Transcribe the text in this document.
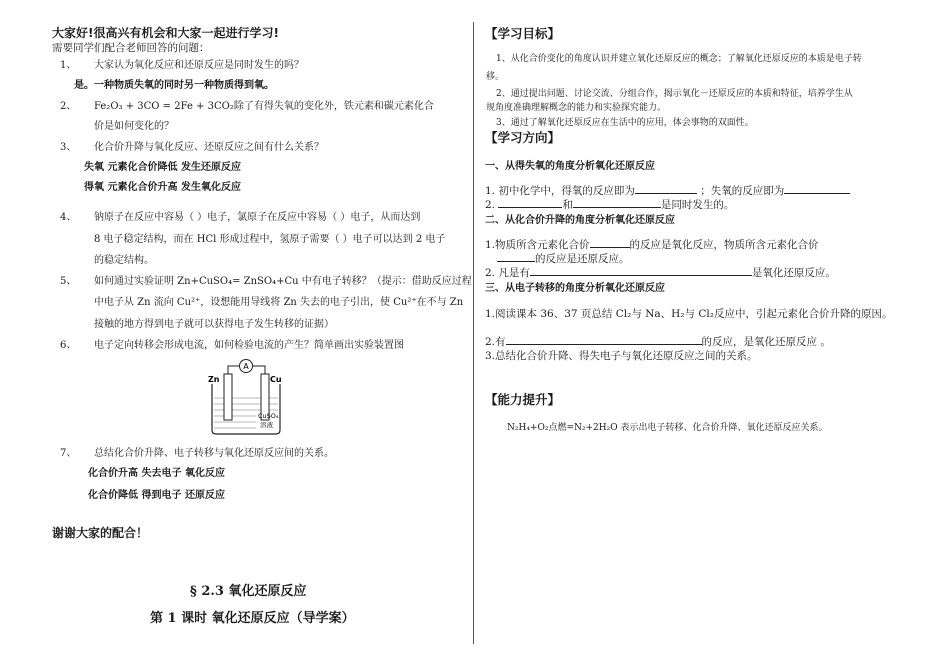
大家好!很高兴有机会和大家一起进行学习!
需要同学们配合老师回答的问题：
1、 大家认为氧化反应和还原反应是同时发生的吗？
是。一种物质失氧的同时另一种物质得到氧。
2、 Fe₂O₃ + 3CO = 2Fe + 3CO₂除了有得失氧的变化外，铁元素和碳元素化合
价是如何变化的？
3、 化合价升降与氧化反应、还原反应之间有什么关系？
失氧 元素化合价降低 发生还原反应
得氧 元素化合价升高 发生氧化反应
4、 钠原子在反应中容易（ ）电子，氯原子在反应中容易（ ）电子，从而达到
8 电子稳定结构，而在 HCl 形成过程中，氢原子需要（ ）电子可以达到 2 电子
的稳定结构。
5、 如何通过实验证明 Zn+CuSO₄= ZnSO₄+Cu 中有电子转移？（提示：借助反应过程
中电子从 Zn 流向 Cu²⁺，设想能用导线将 Zn 失去的电子引出，使 Cu²⁺在不与 Zn
接触的地方得到电子就可以获得电子发生转移的证据）
6、 电子定向转移会形成电流，如何检验电流的产生？简单画出实验装置图
A
Zn	Cu
CuSO₄
溶液
7、 总结化合价升降、电子转移与氧化还原反应间的关系。
化合价升高 失去电子 氧化反应
化合价降低 得到电子 还原反应
谢谢大家的配合！
§ 2.3 氧化还原反应
第 1 课时 氧化还原反应（导学案）
【学习目标】
1、从化合价变化的角度认识并建立氧化还原反应的概念；了解氧化还原反应的本质是电子转
移。
2、通过提出问题、讨论交流、分组合作，揭示氧化－还原反应的本质和特征，培养学生从
规角度准确理解概念的能力和实验探究能力。
3、通过了解氧化还原反应在生活中的应用，体会事物的双面性。
【学习方向】
一、从得失氧的角度分析氧化还原反应
1. 初中化学中，得氧的反应即为	；失氧的反应即为
2.	和	是同时发生的。
二、从化合价升降的角度分析氧化还原反应
1.物质所含元素化合价	的反应是氧化反应，物质所含元素化合价
的反应是还原反应。
2. 凡是有	是氧化还原反应。
三、从电子转移的角度分析氧化还原反应
1.阅读课本 36、37 页总结 Cl₂与 Na、H₂与 Cl₂反应中，引起元素化合价升降的原因。
2.有	的反应，是氧化还原反应 。
3.总结化合价升降、得失电子与氧化还原反应之间的关系。
【能力提升】
N₂H₄+O₂点燃=N₂+2H₂O 表示出电子转移、化合价升降、氧化还原反应关系。
